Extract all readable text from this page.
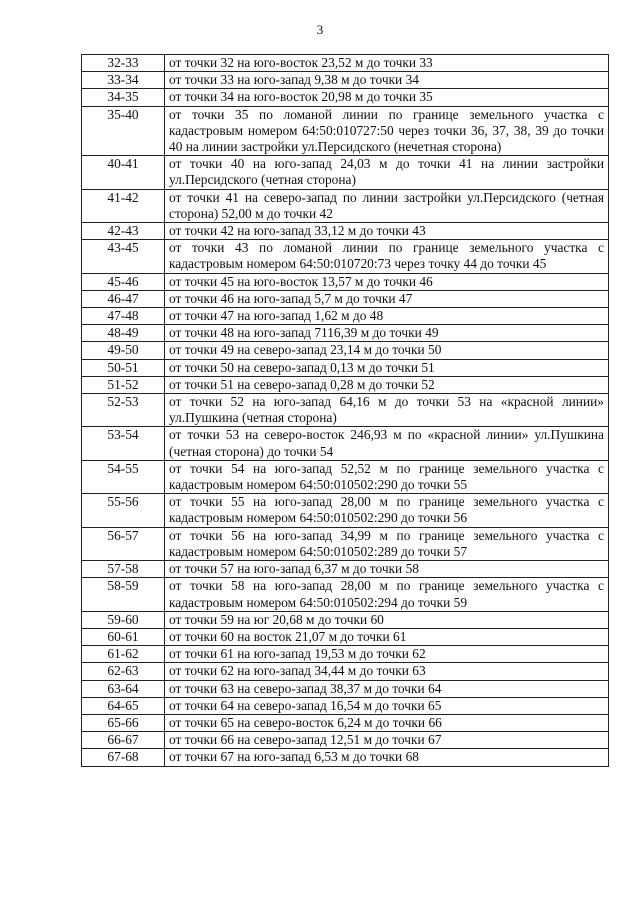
3
32-33	от точки 32 на юго-восток 23,52 м до точки 33
33-34	от точки 33 на юго-запад 9,38 м до точки 34
34-35	от точки 34 на юго-восток 20,98 м до точки 35
35-40	от точки 35 по ломаной линии по границе земельного участка с кадастровым номером 64:50:010727:50 через точки 36, 37, 38, 39 до точки 40 на линии застройки ул.Персидского (нечетная сторона)
40-41	от точки 40 на юго-запад 24,03 м до точки 41 на линии застройки ул.Персидского (четная сторона)
41-42	от точки 41 на северо-запад по линии застройки ул.Персидского (четная сторона) 52,00 м до точки 42
42-43	от точки 42 на юго-запад 33,12 м до точки 43
43-45	от точки 43 по ломаной линии по границе земельного участка с кадастровым номером 64:50:010720:73 через точку 44 до точки 45
45-46	от точки 45 на юго-восток 13,57 м до точки 46
46-47	от точки 46 на юго-запад 5,7 м до точки 47
47-48	от точки 47 на юго-запад 1,62 м до 48
48-49	от точки 48 на юго-запад 7116,39 м до точки 49
49-50	от точки 49 на северо-запад 23,14 м до точки 50
50-51	от точки 50 на северо-запад 0,13 м до точки 51
51-52	от точки 51 на северо-запад 0,28 м до точки 52
52-53	от точки 52 на юго-запад 64,16 м до точки 53 на «красной линии» ул.Пушкина (четная сторона)
53-54	от точки 53 на северо-восток 246,93 м по «красной линии» ул.Пушкина (четная сторона) до точки 54
54-55	от точки 54 на юго-запад 52,52 м по границе земельного участка с кадастровым номером 64:50:010502:290 до точки 55
55-56	от точки 55 на юго-запад 28,00 м по границе земельного участка с кадастровым номером 64:50:010502:290 до точки 56
56-57	от точки 56 на юго-запад 34,99 м по границе земельного участка с кадастровым номером 64:50:010502:289 до точки 57
57-58	от точки 57 на юго-запад 6,37 м до точки 58
58-59	от точки 58 на юго-запад 28,00 м по границе земельного участка с кадастровым номером 64:50:010502:294 до точки 59
59-60	от точки 59 на юг 20,68 м до точки 60
60-61	от точки 60 на восток 21,07 м до точки 61
61-62	от точки 61 на юго-запад 19,53 м до точки 62
62-63	от точки 62 на юго-запад 34,44 м до точки 63
63-64	от точки 63 на северо-запад 38,37 м до точки 64
64-65	от точки 64 на северо-запад 16,54 м до точки 65
65-66	от точки 65 на северо-восток 6,24 м до точки 66
66-67	от точки 66 на северо-запад 12,51 м до точки 67
67-68	от точки 67 на юго-запад 6,53 м до точки 68
